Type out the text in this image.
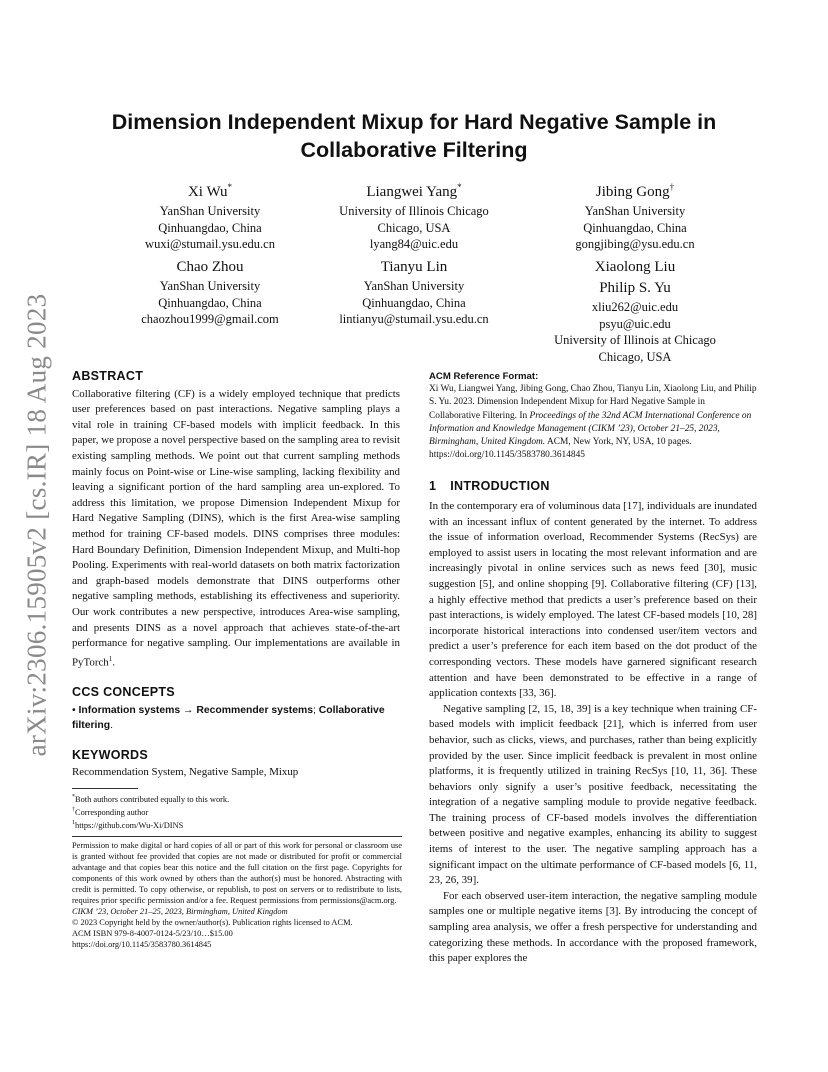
arXiv:2306.15905v2 [cs.IR] 18 Aug 2023
Dimension Independent Mixup for Hard Negative Sample in
Collaborative Filtering
Xi Wu*
YanShan University
Qinhuangdao, China
wuxi@stumail.ysu.edu.cn
Liangwei Yang*
University of Illinois Chicago
Chicago, USA
lyang84@uic.edu
Jibing Gong†
YanShan University
Qinhuangdao, China
gongjibing@ysu.edu.cn
Chao Zhou
YanShan University
Qinhuangdao, China
chaozhou1999@gmail.com
Tianyu Lin
YanShan University
Qinhuangdao, China
lintianyu@stumail.ysu.edu.cn
Xiaolong Liu
Philip S. Yu
xliu262@uic.edu
psyu@uic.edu
University of Illinois at Chicago
Chicago, USA
ABSTRACT

Collaborative filtering (CF) is a widely employed technique that predicts user preferences based on past interactions. Negative sampling plays a vital role in training CF-based models with implicit feedback. In this paper, we propose a novel perspective based on the sampling area to revisit existing sampling methods. We point out that current sampling methods mainly focus on Point-wise or Line-wise sampling, lacking flexibility and leaving a significant portion of the hard sampling area un-explored. To address this limitation, we propose Dimension Independent Mixup for Hard Negative Sampling (DINS), which is the first Area-wise sampling method for training CF-based models. DINS comprises three modules: Hard Boundary Definition, Dimension Independent Mixup, and Multi-hop Pooling. Experiments with real-world datasets on both matrix factorization and graph-based models demonstrate that DINS outperforms other negative sampling methods, establishing its effectiveness and superiority. Our work contributes a new perspective, introduces Area-wise sampling, and presents DINS as a novel approach that achieves state-of-the-art performance for negative sampling. Our implementations are available in PyTorch$^1$.

CCS CONCEPTS

• Information systems → Recommender systems; Collaborative filtering.

KEYWORDS

Recommendation System, Negative Sample, Mixup

*Both authors contributed equally to this work.
†Corresponding author
$^1$https://github.com/Wu-Xi/DINS
Permission to make digital or hard copies of all or part of this work for personal or classroom use is granted without fee provided that copies are not made or distributed for profit or commercial advantage and that copies bear this notice and the full citation on the first page. Copyrights for components of this work owned by others than the author(s) must be honored. Abstracting with credit is permitted. To copy otherwise, or republish, to post on servers or to redistribute to lists, requires prior specific permission and/or a fee. Request permissions from permissions@acm.org.
CIKM ’23, October 21–25, 2023, Birmingham, United Kingdom
© 2023 Copyright held by the owner/author(s). Publication rights licensed to ACM.
ACM ISBN 979-8-4007-0124-5/23/10…$15.00
https://doi.org/10.1145/3583780.3614845
ACM Reference Format:
Xi Wu, Liangwei Yang, Jibing Gong, Chao Zhou, Tianyu Lin, Xiaolong Liu, and Philip S. Yu. 2023. Dimension Independent Mixup for Hard Negative Sample in Collaborative Filtering. In Proceedings of the 32nd ACM International Conference on Information and Knowledge Management (CIKM ’23), October 21–25, 2023, Birmingham, United Kingdom. ACM, New York, NY, USA, 10 pages. https://doi.org/10.1145/3583780.3614845
1 INTRODUCTION

In the contemporary era of voluminous data [17], individuals are inundated with an incessant influx of content generated by the internet. To address the issue of information overload, Recommender Systems (RecSys) are employed to assist users in locating the most relevant information and are increasingly pivotal in online services such as news feed [30], music suggestion [5], and online shopping [9]. Collaborative filtering (CF) [13], a highly effective method that predicts a user’s preference based on their past interactions, is widely employed. The latest CF-based models [10, 28] incorporate historical interactions into condensed user/item vectors and predict a user’s preference for each item based on the dot product of the corresponding vectors. These models have garnered significant research attention and have been demonstrated to be effective in a range of application contexts [33, 36].

Negative sampling [2, 15, 18, 39] is a key technique when training CF-based models with implicit feedback [21], which is inferred from user behavior, such as clicks, views, and purchases, rather than being explicitly provided by the user. Since implicit feedback is prevalent in most online platforms, it is frequently utilized in training RecSys [10, 11, 36]. These behaviors only signify a user’s positive feedback, necessitating the integration of a negative sampling module to provide negative feedback. The training process of CF-based models involves the differentiation between positive and negative examples, enhancing its ability to suggest items of interest to the user. The negative sampling approach has a significant impact on the ultimate performance of CF-based models [6, 11, 23, 26, 39].

For each observed user-item interaction, the negative sampling module samples one or multiple negative items [3]. By introducing the concept of sampling area analysis, we offer a fresh perspective for understanding and categorizing these methods. In accordance with the proposed framework, this paper explores the
